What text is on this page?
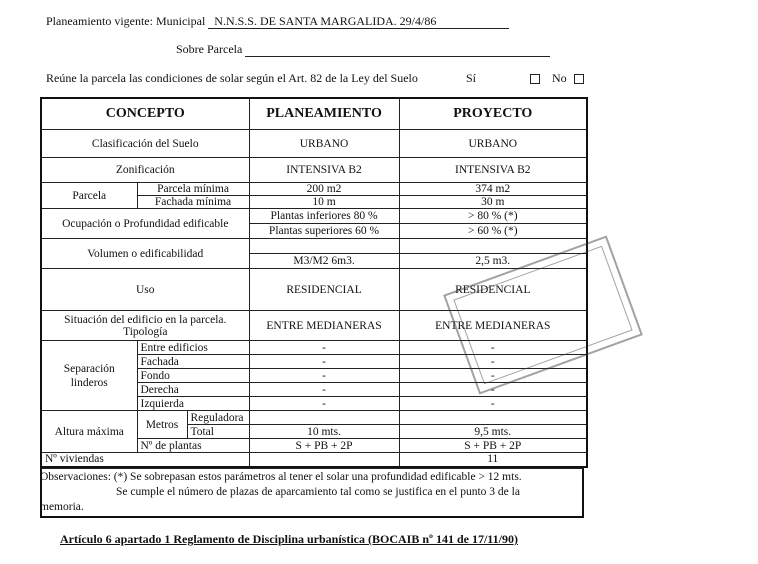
Planeamiento vigente: Municipal N.N.S.S. DE SANTA MARGALIDA. 29/4/86
Sobre Parcela
Reúne la parcela las condiciones de solar según el Art. 82 de la Ley del Suelo	Sí	No
CONCEPTO			PLANEAMIENTO	PROYECTO
Clasificación del Suelo			URBANO	URBANO
Zonificación			INTENSIVA B2	INTENSIVA B2
Parcela	Parcela mínima		200 m2	374 m2
	Fachada mínima		10 m	30 m
Ocupación o Profundidad edificable			Plantas inferiores 80 %	> 80 % (*)
			Plantas superiores 60 %	> 60 % (*)
Volumen o edificabilidad				
			M3/M2 6m3.	2,5 m3.
Uso			RESIDENCIAL	RESIDENCIAL

Situación del edificio en la parcela.
Tipología			ENTRE MEDIANERAS	ENTRE MEDIANERAS
Separación linderos	Entre edificios		-	-
	Fachada		-	-
	Fondo		-	-
	Derecha		-	-
	Izquierda		-	-
Altura máxima	Metros	Reguladora		
		Total	10 mts.	9,5 mts.
	Nº de plantas		S + PB + 2P	S + PB + 2P
Nº viviendas				11
Observaciones: (*) Se sobrepasan estos parámetros al tener el solar una profundidad edificable > 12 mts.
Se cumple el número de plazas de aparcamiento tal como se justifica en el punto 3 de la
memoria.
Artículo 6 apartado 1 Reglamento de Disciplina urbanística (BOCAIB nº 141 de 17/11/90)
